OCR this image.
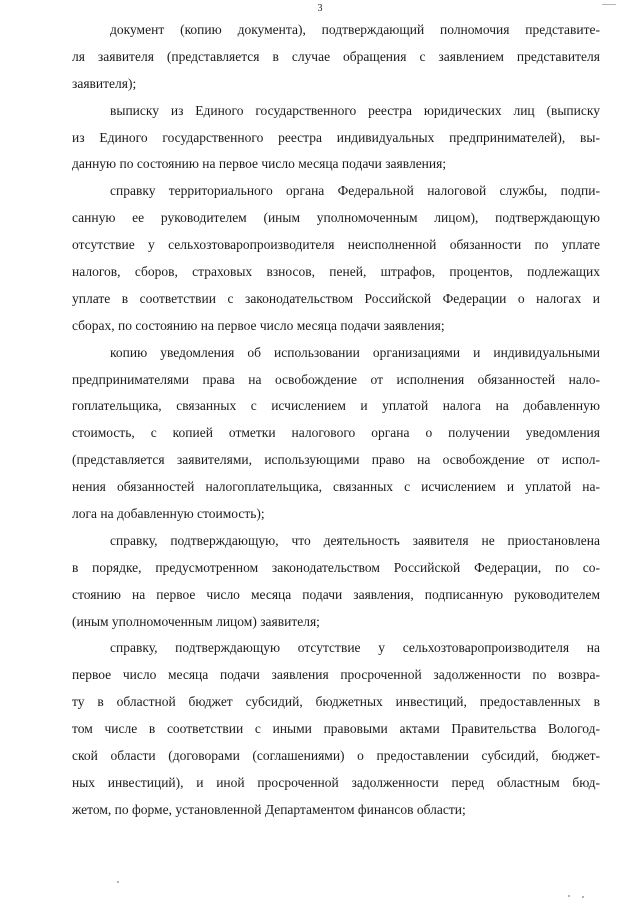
3
документ (копию документа), подтверждающий полномочия представите-
ля заявителя (представляется в случае обращения с заявлением представителя
заявителя);
выписку из Единого государственного реестра юридических лиц (выписку
из Единого государственного реестра индивидуальных предпринимателей), вы-
данную по состоянию на первое число месяца подачи заявления;
справку территориального органа Федеральной налоговой службы, подпи-
санную ее руководителем (иным уполномоченным лицом), подтверждающую
отсутствие у сельхозтоваропроизводителя неисполненной обязанности по уплате
налогов, сборов, страховых взносов, пеней, штрафов, процентов, подлежащих
уплате в соответствии с законодательством Российской Федерации о налогах и
сборах, по состоянию на первое число месяца подачи заявления;
копию уведомления об использовании организациями и индивидуальными
предпринимателями права на освобождение от исполнения обязанностей нало-
гоплательщика, связанных с исчислением и уплатой налога на добавленную
стоимость, с копией отметки налогового органа о получении уведомления
(представляется заявителями, использующими право на освобождение от испол-
нения обязанностей налогоплательщика, связанных с исчислением и уплатой на-
лога на добавленную стоимость);
справку, подтверждающую, что деятельность заявителя не приостановлена
в порядке, предусмотренном законодательством Российской Федерации, по со-
стоянию на первое число месяца подачи заявления, подписанную руководителем
(иным уполномоченным лицом) заявителя;
справку, подтверждающую отсутствие у сельхозтоваропроизводителя на
первое число месяца подачи заявления просроченной задолженности по возвра-
ту в областной бюджет субсидий, бюджетных инвестиций, предоставленных в
том числе в соответствии с иными правовыми актами Правительства Вологод-
ской области (договорами (соглашениями) о предоставлении субсидий, бюджет-
ных инвестиций), и иной просроченной задолженности перед областным бюд-
жетом, по форме, установленной Департаментом финансов области;
